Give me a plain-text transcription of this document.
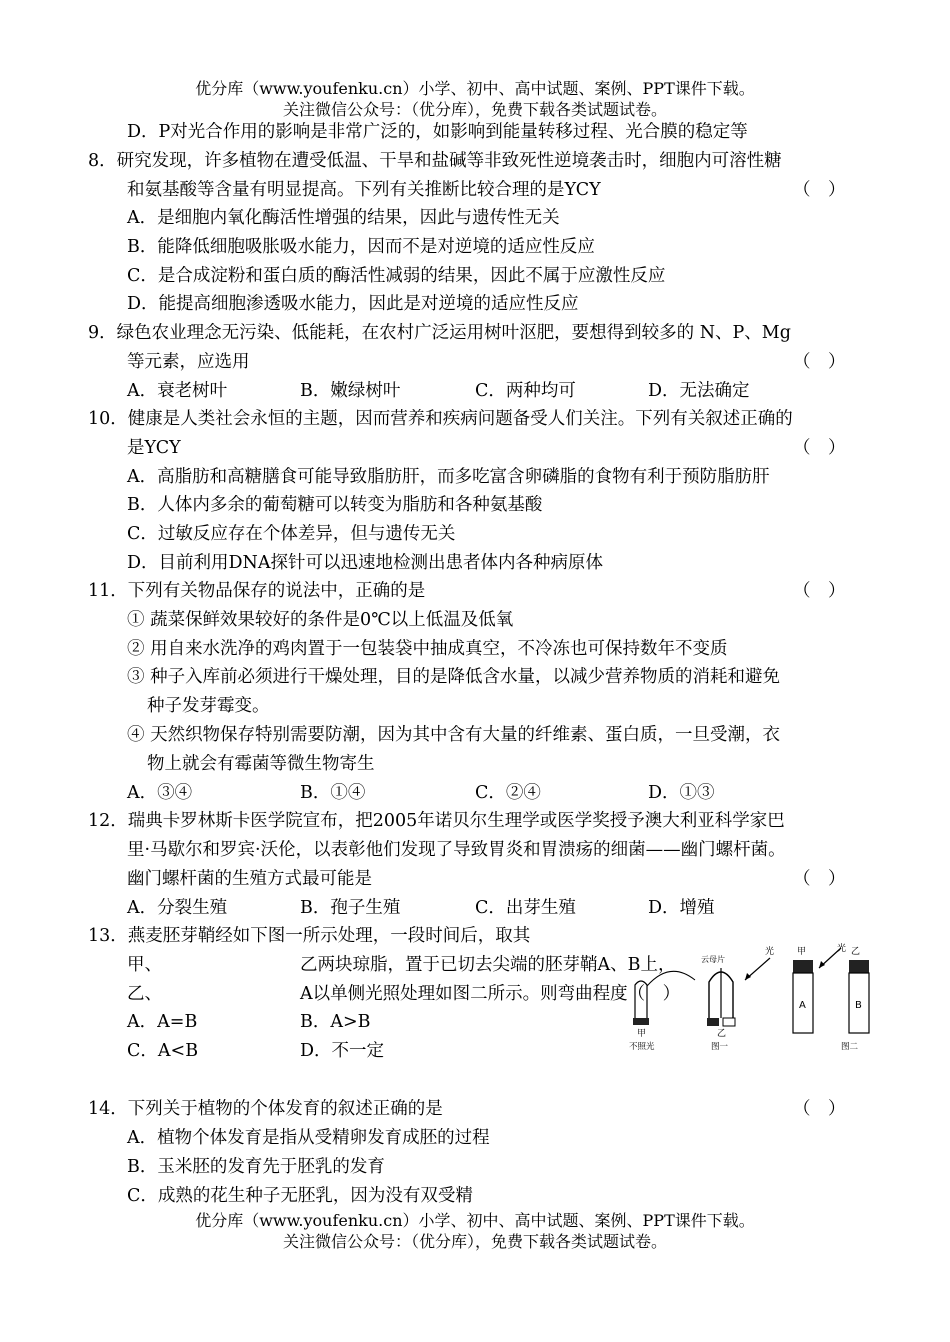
优分库（www.youfenku.cn）小学、初中、高中试题、案例、PPT课件下载。
关注微信公众号：（优分库），免费下载各类试题试卷。
D．P对光合作用的影响是非常广泛的，如影响到能量转移过程、光合膜的稳定等
8．研究发现，许多植物在遭受低温、干旱和盐碱等非致死性逆境袭击时，细胞内可溶性糖
和氨基酸等含量有明显提高。下列有关推断比较合理的是YCY	（　）
A．是细胞内氧化酶活性增强的结果，因此与遗传性无关
B．能降低细胞吸胀吸水能力，因而不是对逆境的适应性反应
C．是合成淀粉和蛋白质的酶活性减弱的结果，因此不属于应激性反应
D．能提高细胞渗透吸水能力，因此是对逆境的适应性反应
9．绿色农业理念无污染、低能耗，在农村广泛运用树叶沤肥，要想得到较多的 N、P、Mg
等元素，应选用	（　）
A．衰老树叶	B．嫩绿树叶	C．两种均可	D．无法确定
10．健康是人类社会永恒的主题，因而营养和疾病问题备受人们关注。下列有关叙述正确的
是YCY	（　）
A．高脂肪和高糖膳食可能导致脂肪肝，而多吃富含卵磷脂的食物有利于预防脂肪肝
B．人体内多余的葡萄糖可以转变为脂肪和各种氨基酸
C．过敏反应存在个体差异，但与遗传无关
D．目前利用DNA探针可以迅速地检测出患者体内各种病原体
11．下列有关物品保存的说法中，正确的是	（　）
① 蔬菜保鲜效果较好的条件是0℃以上低温及低氧
② 用自来水洗净的鸡肉置于一包装袋中抽成真空，不冷冻也可保持数年不变质
③ 种子入库前必须进行干燥处理，目的是降低含水量，以减少营养物质的消耗和避免
种子发芽霉变。
④ 天然织物保存特别需要防潮，因为其中含有大量的纤维素、蛋白质，一旦受潮，衣
物上就会有霉菌等微生物寄生
A．③④	B．①④	C．②④	D．①③
12．瑞典卡罗林斯卡医学院宣布，把2005年诺贝尔生理学或医学奖授予澳大利亚科学家巴
里·马歇尔和罗宾·沃伦，以表彰他们发现了导致胃炎和胃溃疡的细菌——幽门螺杆菌。
幽门螺杆菌的生殖方式最可能是	（　）
A．分裂生殖	B．孢子生殖	C．出芽生殖	D．增殖
13．燕麦胚芽鞘经如下图一所示处理，一段时间后，取其
甲、	乙两块琼脂，置于已切去尖端的胚芽鞘A、B上，
乙、	A以单侧光照处理如图二所示。则弯曲程度（　）
A．A=B	B．A>B
C．A<B	D．不一定
甲
不照光
云母片
光
乙
图一
甲
A
光 乙
B
图二
14．下列关于植物的个体发育的叙述正确的是	（　）
A．植物个体发育是指从受精卵发育成胚的过程
B．玉米胚的发育先于胚乳的发育
C．成熟的花生种子无胚乳，因为没有双受精
优分库（www.youfenku.cn）小学、初中、高中试题、案例、PPT课件下载。
关注微信公众号：（优分库），免费下载各类试题试卷。
